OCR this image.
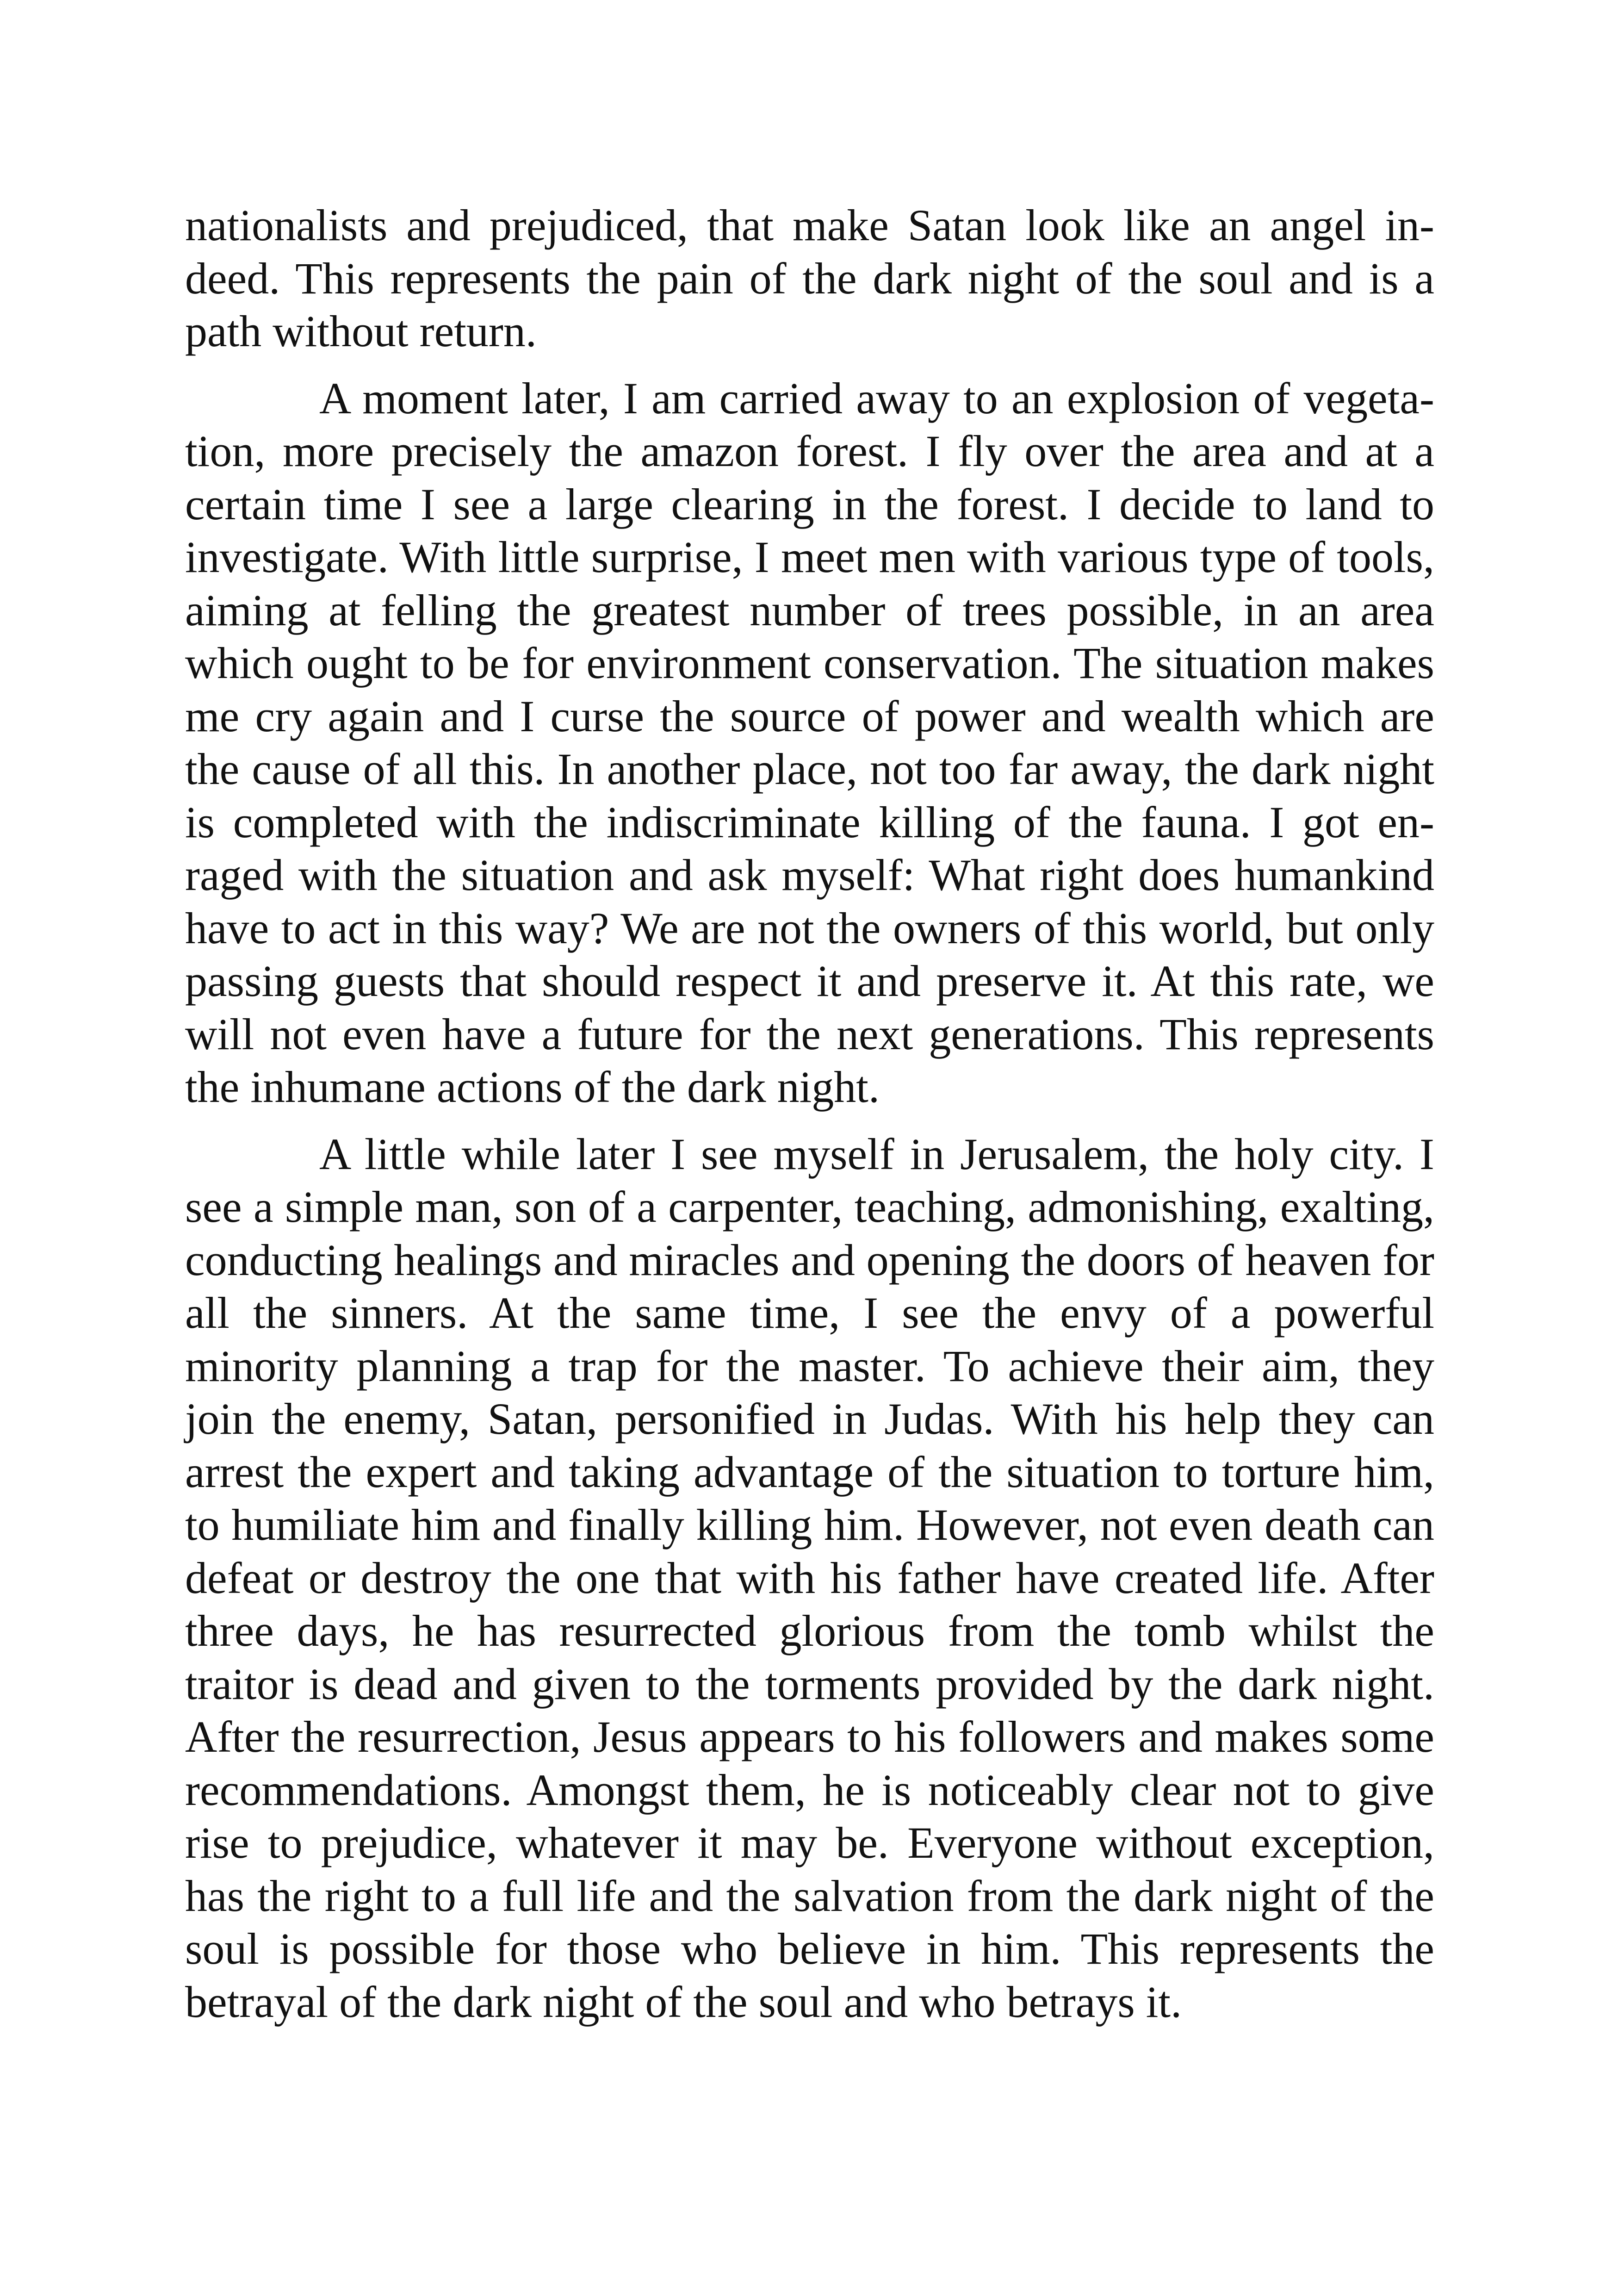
nationalists and prejudiced, that make Satan look like an angel indeed. This represents the pain of the dark night of the soul and is a path without return.

A moment later, I am carried away to an explosion of vegetation, more precisely the amazon forest. I fly over the area and at a certain time I see a large clearing in the forest. I decide to land to investigate. With little surprise, I meet men with various type of tools, aiming at felling the greatest number of trees possible, in an area which ought to be for environment conservation. The situation makes me cry again and I curse the source of power and wealth which are the cause of all this. In another place, not too far away, the dark night is completed with the indiscriminate killing of the fauna. I got enraged with the situation and ask myself: What right does humankind have to act in this way? We are not the owners of this world, but only passing guests that should respect it and preserve it. At this rate, we will not even have a future for the next generations. This represents the inhumane actions of the dark night.

A little while later I see myself in Jerusalem, the holy city. I see a simple man, son of a carpenter, teaching, admonishing, exalting, conducting healings and miracles and opening the doors of heaven for all the sinners. At the same time, I see the envy of a powerful minority planning a trap for the master. To achieve their aim, they join the enemy, Satan, personified in Judas. With his help they can arrest the expert and taking advantage of the situation to torture him, to humiliate him and finally killing him. However, not even death can defeat or destroy the one that with his father have created life. After three days, he has resurrected glorious from the tomb whilst the traitor is dead and given to the torments provided by the dark night. After the resurrection, Jesus appears to his followers and makes some recommendations. Amongst them, he is noticeably clear not to give rise to prejudice, whatever it may be. Everyone without exception, has the right to a full life and the salvation from the dark night of the soul is possible for those who believe in him. This represents the betrayal of the dark night of the soul and who betrays it.
